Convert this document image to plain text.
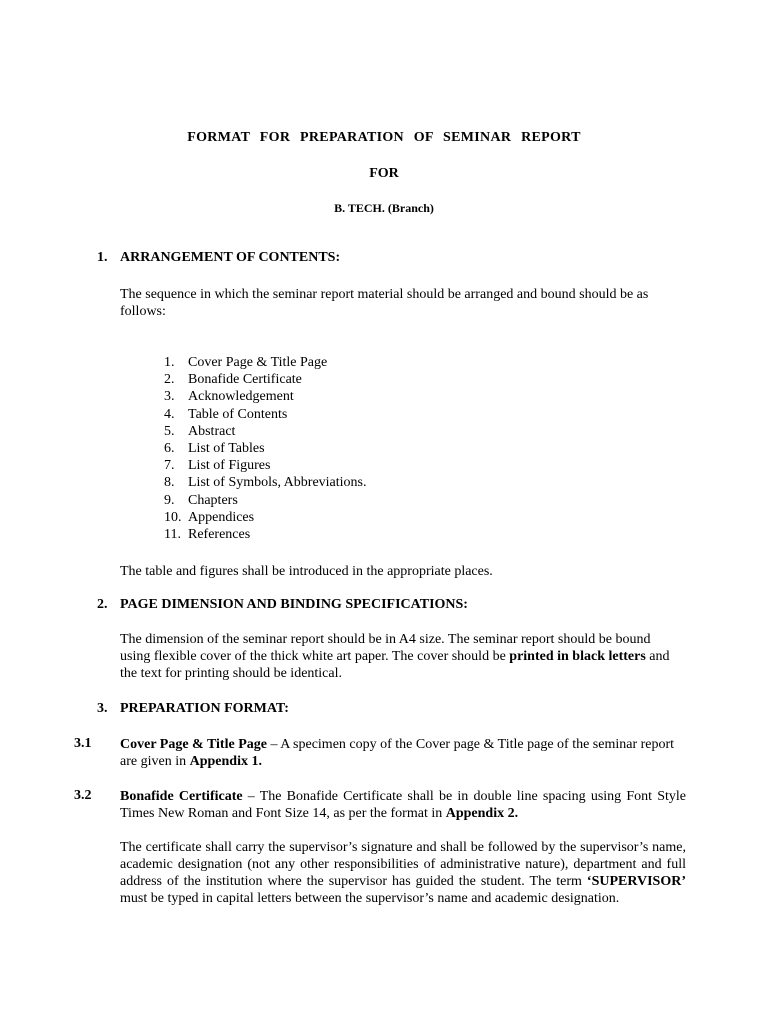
FORMAT FOR PREPARATION OF SEMINAR REPORT
FOR
B. TECH. (Branch)
1. ARRANGEMENT OF CONTENTS:
The sequence in which the seminar report material should be arranged and bound should be as follows:
1. Cover Page & Title Page
2. Bonafide Certificate
3. Acknowledgement
4. Table of Contents
5. Abstract
6. List of Tables
7. List of Figures
8. List of Symbols, Abbreviations.
9. Chapters
10. Appendices
11. References
The table and figures shall be introduced in the appropriate places.
2. PAGE DIMENSION AND BINDING SPECIFICATIONS:
The dimension of the seminar report should be in A4 size. The seminar report should be bound using flexible cover of the thick white art paper. The cover should be printed in black letters and the text for printing should be identical.
3. PREPARATION FORMAT:
3.1 Cover Page & Title Page – A specimen copy of the Cover page & Title page of the seminar report are given in Appendix 1.
3.2 Bonafide Certificate – The Bonafide Certificate shall be in double line spacing using Font Style Times New Roman and Font Size 14, as per the format in Appendix 2.
The certificate shall carry the supervisor’s signature and shall be followed by the supervisor’s name, academic designation (not any other responsibilities of administrative nature), department and full address of the institution where the supervisor has guided the student. The term ‘SUPERVISOR’ must be typed in capital letters between the supervisor’s name and academic designation.
